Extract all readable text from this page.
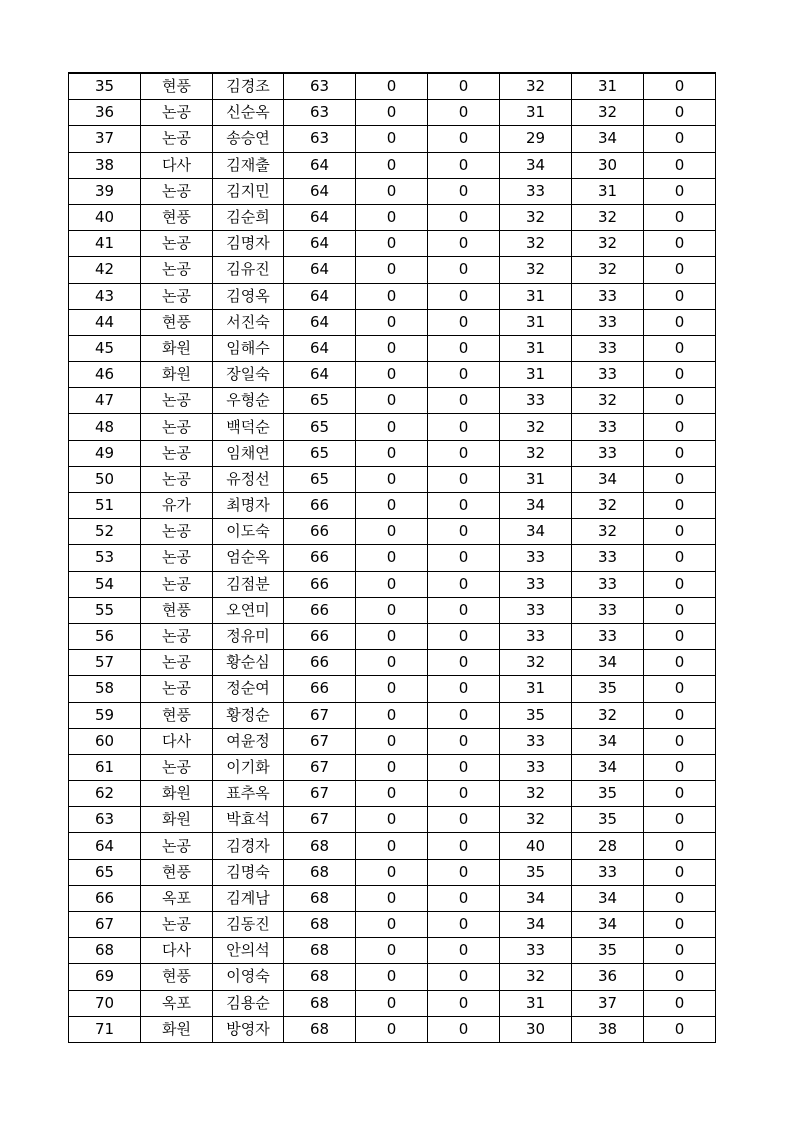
35	현풍	김경조	63	0	0	32	31	0
36	논공	신순옥	63	0	0	31	32	0
37	논공	송승연	63	0	0	29	34	0
38	다사	김재출	64	0	0	34	30	0
39	논공	김지민	64	0	0	33	31	0
40	현풍	김순희	64	0	0	32	32	0
41	논공	김명자	64	0	0	32	32	0
42	논공	김유진	64	0	0	32	32	0
43	논공	김영옥	64	0	0	31	33	0
44	현풍	서진숙	64	0	0	31	33	0
45	화원	임해수	64	0	0	31	33	0
46	화원	장일숙	64	0	0	31	33	0
47	논공	우형순	65	0	0	33	32	0
48	논공	백덕순	65	0	0	32	33	0
49	논공	임채연	65	0	0	32	33	0
50	논공	유정선	65	0	0	31	34	0
51	유가	최명자	66	0	0	34	32	0
52	논공	이도숙	66	0	0	34	32	0
53	논공	엄순옥	66	0	0	33	33	0
54	논공	김점분	66	0	0	33	33	0
55	현풍	오연미	66	0	0	33	33	0
56	논공	정유미	66	0	0	33	33	0
57	논공	황순심	66	0	0	32	34	0
58	논공	정순여	66	0	0	31	35	0
59	현풍	황정순	67	0	0	35	32	0
60	다사	여윤정	67	0	0	33	34	0
61	논공	이기화	67	0	0	33	34	0
62	화원	표추옥	67	0	0	32	35	0
63	화원	박효석	67	0	0	32	35	0
64	논공	김경자	68	0	0	40	28	0
65	현풍	김명숙	68	0	0	35	33	0
66	옥포	김계남	68	0	0	34	34	0
67	논공	김동진	68	0	0	34	34	0
68	다사	안의석	68	0	0	33	35	0
69	현풍	이영숙	68	0	0	32	36	0
70	옥포	김용순	68	0	0	31	37	0
71	화원	방영자	68	0	0	30	38	0
